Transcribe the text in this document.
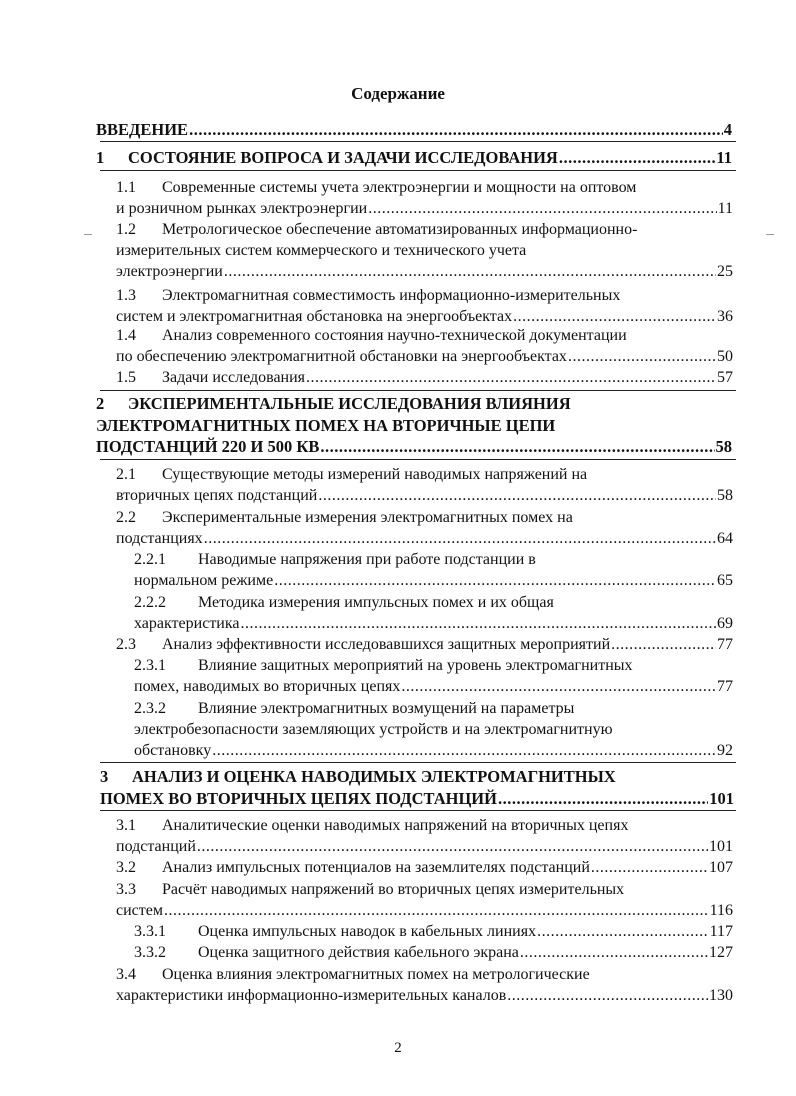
Содержание
ВВЕДЕНИЕ .....	4
1 СОСТОЯНИЕ ВОПРОСА И ЗАДАЧИ ИССЛЕДОВАНИЯ .....	11
1.1 Современные системы учета электроэнергии и мощности на оптовом
и розничном рынках электроэнергии .....	11
1.2 Метрологическое обеспечение автоматизированных информационно-
измерительных систем коммерческого и технического учета
электроэнергии .....	25
1.3 Электромагнитная совместимость информационно-измерительных
систем и электромагнитная обстановка на энергообъектах .....	36
1.4 Анализ современного состояния научно-технической документации
по обеспечению электромагнитной обстановки на энергообъектах .....	50
1.5 Задачи исследования .....	57
2 ЭКСПЕРИМЕНТАЛЬНЫЕ ИССЛЕДОВАНИЯ ВЛИЯНИЯ
ЭЛЕКТРОМАГНИТНЫХ ПОМЕХ НА ВТОРИЧНЫЕ ЦЕПИ
ПОДСТАНЦИЙ 220 И 500 КВ .....	58
2.1 Существующие методы измерений наводимых напряжений на
вторичных цепях подстанций .....	58
2.2 Экспериментальные измерения электромагнитных помех на
подстанциях .....	64
2.2.1 Наводимые напряжения при работе подстанции в
нормальном режиме .....	65
2.2.2 Методика измерения импульсных помех и их общая
характеристика .....	69
2.3 Анализ эффективности исследовавшихся защитных мероприятий .....	77
2.3.1 Влияние защитных мероприятий на уровень электромагнитных
помех, наводимых во вторичных цепях .....	77
2.3.2 Влияние электромагнитных возмущений на параметры
электробезопасности заземляющих устройств и на электромагнитную
обстановку .....	92
3 АНАЛИЗ И ОЦЕНКА НАВОДИМЫХ ЭЛЕКТРОМАГНИТНЫХ
ПОМЕХ ВО ВТОРИЧНЫХ ЦЕПЯХ ПОДСТАНЦИЙ .....	101
3.1 Аналитические оценки наводимых напряжений на вторичных цепях
подстанций .....	101
3.2 Анализ импульсных потенциалов на заземлителях подстанций .....	107
3.3 Расчёт наводимых напряжений во вторичных цепях измерительных
систем .....	116
3.3.1 Оценка импульсных наводок в кабельных линиях .....	117
3.3.2 Оценка защитного действия кабельного экрана .....	127
3.4 Оценка влияния электромагнитных помех на метрологические
характеристики информационно-измерительных каналов .....	130
2
